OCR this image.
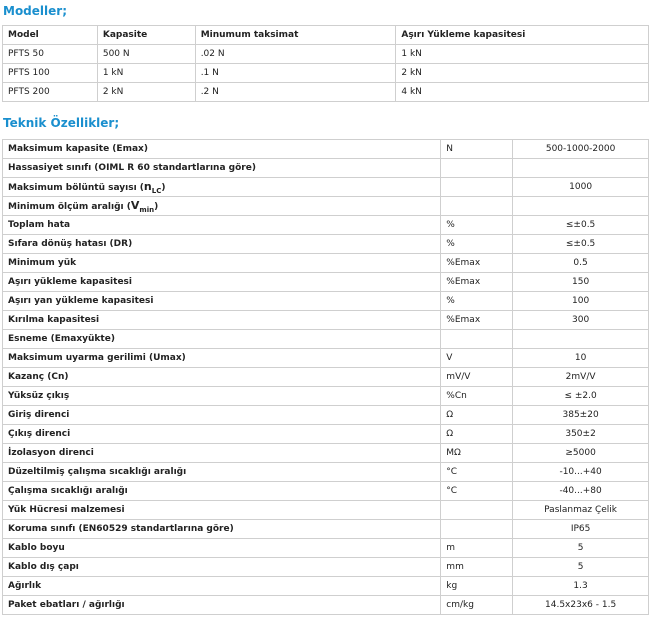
Modeller;
Model	Kapasite	Minumum taksimat	Aşırı Yükleme kapasitesi
PFTS 50	500 N	.02 N	1 kN
PFTS 100	1 kN	.1 N	2 kN
PFTS 200	2 kN	.2 N	4 kN
Teknik Özellikler;
Maksimum kapasite (Emax)	N	500-1000-2000
Hassasiyet sınıfı (OIML R 60 standartlarına göre)		
Maksimum bölüntü sayısı $(n_{LC})$		1000
Minimum ölçüm aralığı $(V_{min})$		
Toplam hata	%	≤±0.5
Sıfara dönüş hatası (DR)	%	≤±0.5
Minimum yük	%Emax	0.5
Aşırı yükleme kapasitesi	%Emax	150
Aşırı yan yükleme kapasitesi	%	100
Kırılma kapasitesi	%Emax	300
Esneme (Emaxyükte)		
Maksimum uyarma gerilimi (Umax)	V	10
Kazanç (Cn)	mV/V	2mV/V
Yüksüz çıkış	%Cn	≤ ±2.0
Giriş direnci	Ω	385±20
Çıkış direnci	Ω	350±2
İzolasyon direnci	MΩ	≥5000
Düzeltilmiş çalışma sıcaklığı aralığı	°C	-10...+40
Çalışma sıcaklığı aralığı	°C	-40...+80
Yük Hücresi malzemesi		Paslanmaz Çelik
Koruma sınıfı (EN60529 standartlarına göre)		IP65
Kablo boyu	m	5
Kablo dış çapı	mm	5
Ağırlık	kg	1.3
Paket ebatları / ağırlığı	cm/kg	14.5x23x6 - 1.5
